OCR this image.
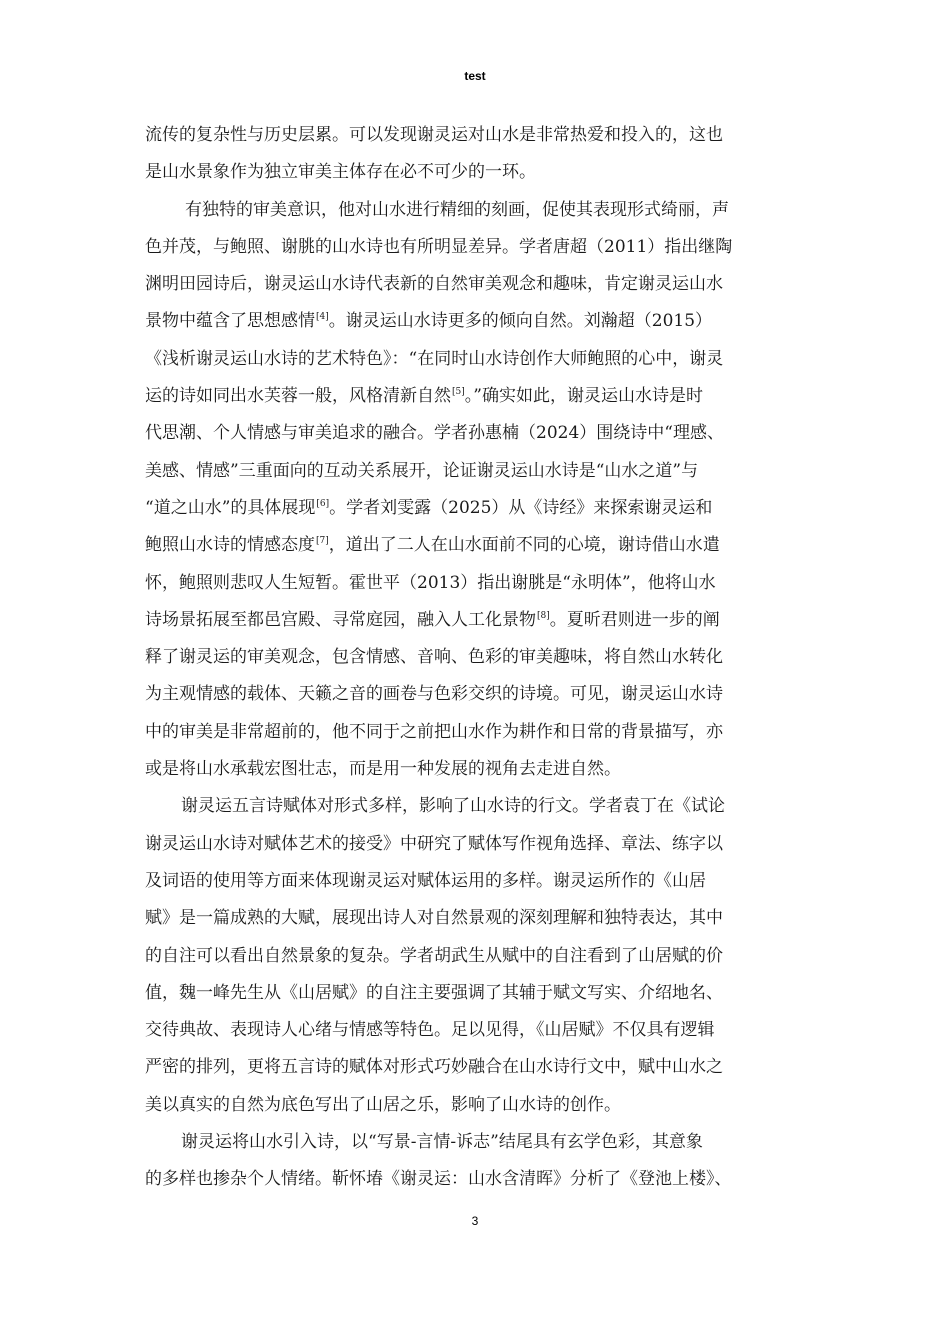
test
流传的复杂性与历史层累。可以发现谢灵运对山水是非常热爱和投入的，这也
是山水景象作为独立审美主体存在必不可少的一环。
有独特的审美意识，他对山水进行精细的刻画，促使其表现形式绮丽，声
色并茂，与鲍照、谢朓的山水诗也有所明显差异。学者唐超（2011）指出继陶
渊明田园诗后，谢灵运山水诗代表新的自然审美观念和趣味，肯定谢灵运山水
景物中蕴含了思想感情[4]。谢灵运山水诗更多的倾向自然。刘瀚超（2015）
《浅析谢灵运山水诗的艺术特色》：“在同时山水诗创作大师鲍照的心中，谢灵
运的诗如同出水芙蓉一般，风格清新自然[5]。”确实如此，谢灵运山水诗是时
代思潮、个人情感与审美追求的融合。学者孙惠楠（2024）围绕诗中“理感、
美感、情感”三重面向的互动关系展开，论证谢灵运山水诗是“山水之道”与
“道之山水”的具体展现[6]。学者刘雯露（2025）从《诗经》来探索谢灵运和
鲍照山水诗的情感态度[7]，道出了二人在山水面前不同的心境，谢诗借山水遣
怀，鲍照则悲叹人生短暂。霍世平（2013）指出谢朓是“永明体”，他将山水
诗场景拓展至都邑宫殿、寻常庭园，融入人工化景物[8]。夏昕君则进一步的阐
释了谢灵运的审美观念，包含情感、音响、色彩的审美趣味，将自然山水转化
为主观情感的载体、天籁之音的画卷与色彩交织的诗境。可见，谢灵运山水诗
中的审美是非常超前的，他不同于之前把山水作为耕作和日常的背景描写，亦
或是将山水承载宏图壮志，而是用一种发展的视角去走进自然。
谢灵运五言诗赋体对形式多样，影响了山水诗的行文。学者袁丁在《试论
谢灵运山水诗对赋体艺术的接受》中研究了赋体写作视角选择、章法、练字以
及词语的使用等方面来体现谢灵运对赋体运用的多样。谢灵运所作的《山居
赋》是一篇成熟的大赋，展现出诗人对自然景观的深刻理解和独特表达，其中
的自注可以看出自然景象的复杂。学者胡武生从赋中的自注看到了山居赋的价
值，魏一峰先生从《山居赋》的自注主要强调了其辅于赋文写实、介绍地名、
交待典故、表现诗人心绪与情感等特色。足以见得，《山居赋》不仅具有逻辑
严密的排列，更将五言诗的赋体对形式巧妙融合在山水诗行文中，赋中山水之
美以真实的自然为底色写出了山居之乐，影响了山水诗的创作。
谢灵运将山水引入诗，以“写景-言情-诉志”结尾具有玄学色彩，其意象
的多样也掺杂个人情绪。靳怀堾《谢灵运：山水含清晖》分析了《登池上楼》、
3
